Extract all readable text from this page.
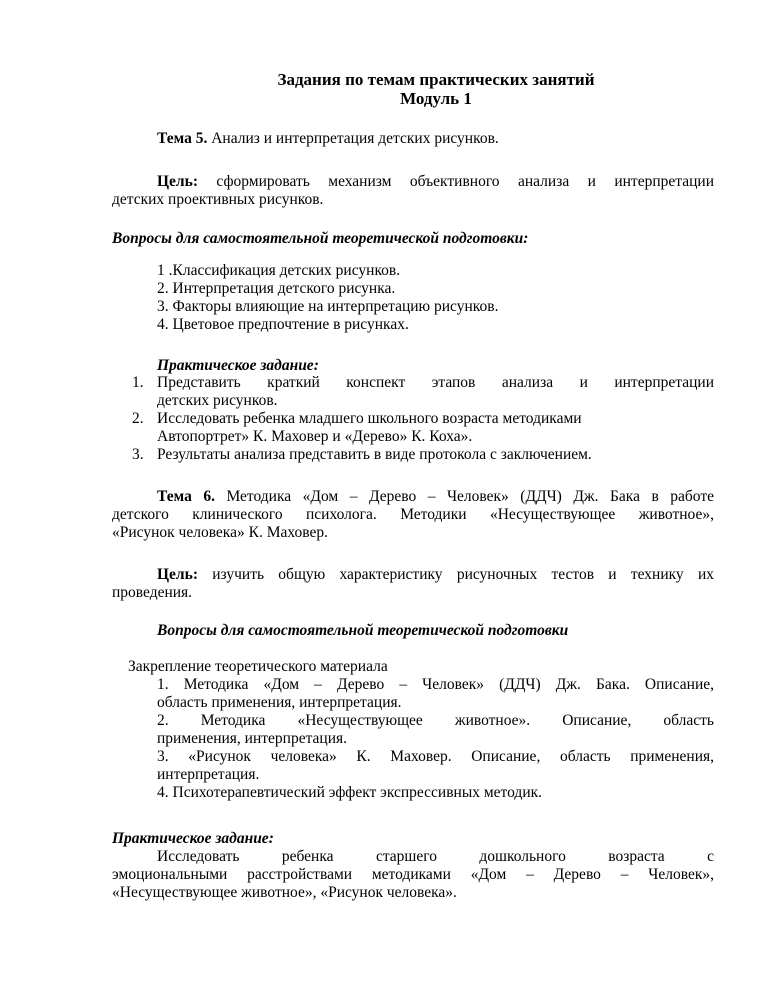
Задания по темам практических занятий
Модуль 1
Тема 5. Анализ и интерпретация детских рисунков.
Цель: сформировать механизм объективного анализа и интерпретации
детских проективных рисунков.
Вопросы для самостоятельной теоретической подготовки:
1 .Классификация детских рисунков.
2. Интерпретация детского рисунка.
3. Факторы влияющие на интерпретацию рисунков.
4. Цветовое предпочтение в рисунках.
Практическое задание:
1. Представить краткий конспект этапов анализа и интерпретации
детских рисунков.
2. Исследовать ребенка младшего школьного возраста методиками
Автопортрет» К. Маховер и «Дерево» К. Коха».
3. Результаты анализа представить в виде протокола с заключением.
Тема 6. Методика «Дом – Дерево – Человек» (ДДЧ) Дж. Бака в работе
детского клинического психолога. Методики «Несуществующее животное»,
«Рисунок человека» К. Маховер.
Цель: изучить общую характеристику рисуночных тестов и технику их
проведения.
Вопросы для самостоятельной теоретической подготовки
Закрепление теоретического материала
1. Методика «Дом – Дерево – Человек» (ДДЧ) Дж. Бака. Описание,
область применения, интерпретация.
2. Методика «Несуществующее животное». Описание, область
применения, интерпретация.
3. «Рисунок человека» К. Маховер. Описание, область применения,
интерпретация.
4. Психотерапевтический эффект экспрессивных методик.
Практическое задание:
Исследовать ребенка старшего дошкольного возраста с
эмоциональными расстройствами методиками «Дом – Дерево – Человек»,
«Несуществующее животное», «Рисунок человека».
